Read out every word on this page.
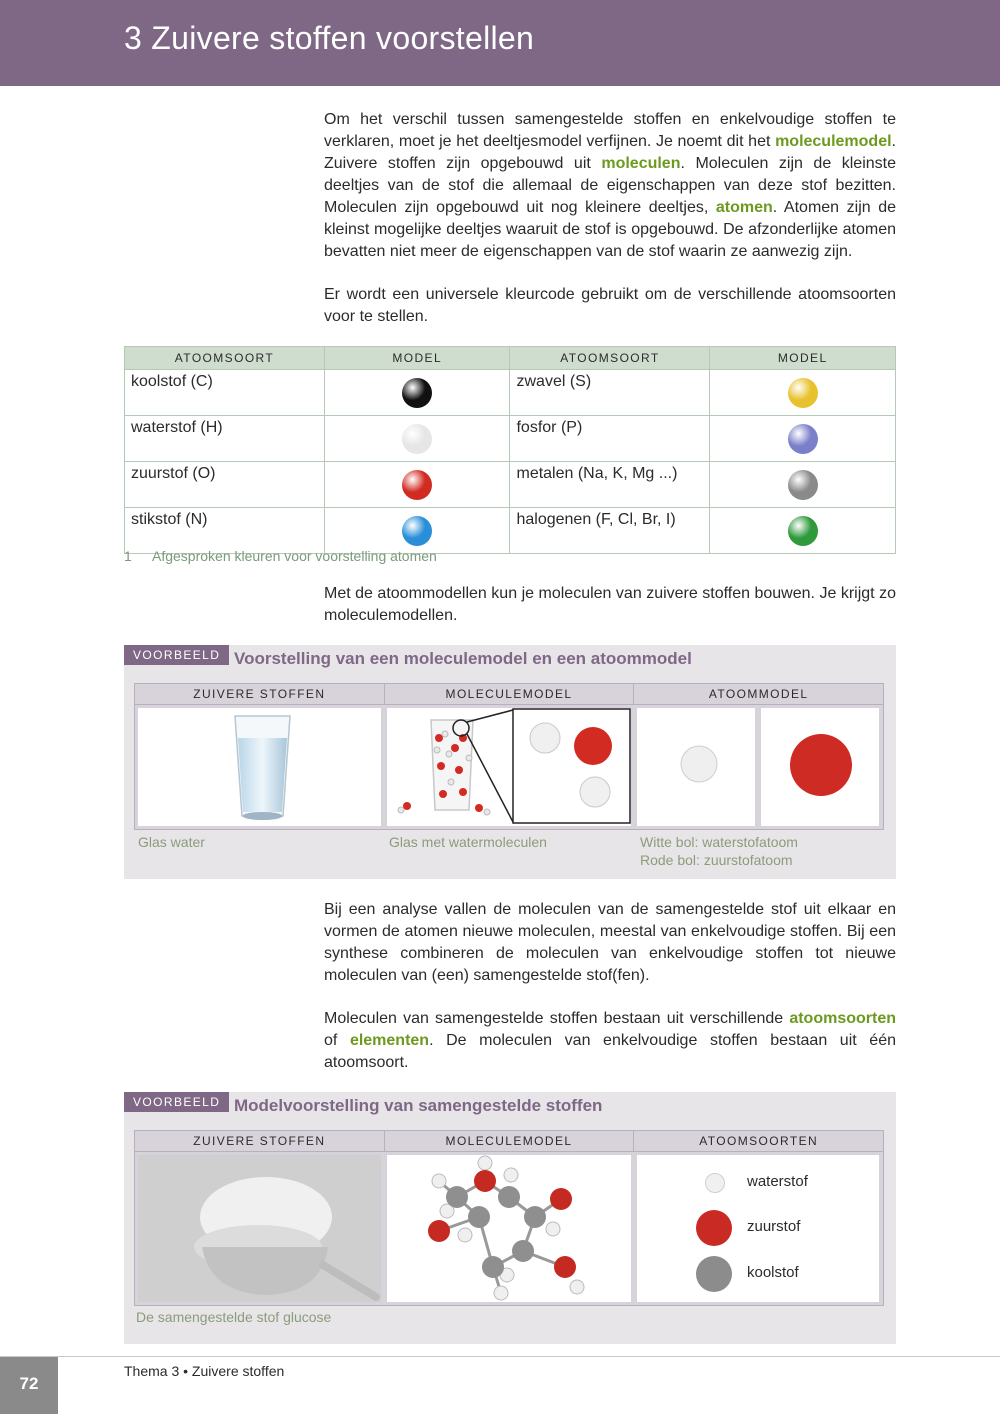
3 Zuivere stoffen voorstellen

Om het verschil tussen samengestelde stoffen en enkelvoudige stoffen te verklaren, moet je het deeltjesmodel verfijnen. Je noemt dit het moleculemodel. Zuivere stoffen zijn opgebouwd uit moleculen. Moleculen zijn de kleinste deeltjes van de stof die allemaal de eigenschappen van deze stof bezitten. Moleculen zijn opgebouwd uit nog kleinere deeltjes, atomen. Atomen zijn de kleinst mogelijke deeltjes waaruit de stof is opgebouwd. De afzonderlijke atomen bevatten niet meer de eigenschappen van de stof waarin ze aanwezig zijn.

Er wordt een universele kleurcode gebruikt om de verschillende atoomsoorten voor te stellen.

ATOOMSOORT	MODEL	ATOOMSOORT	MODEL
koolstof (C)		zwavel (S)	
waterstof (H)		fosfor (P)	
zuurstof (O)		metalen (Na, K, Mg ...)	
stikstof (N)		halogenen (F, Cl, Br, I)	
1 Afgesproken kleuren voor voorstelling atomen

Met de atoommodellen kun je moleculen van zuivere stoffen bouwen. Je krijgt zo moleculemodellen.

VOORBEELD Voorstelling van een moleculemodel en een atoommodel
ZUIVERE STOFFEN	MOLECULEMODEL	ATOOMMODEL
Glas water	Glas met watermoleculen	Witte bol: waterstofatoom
Rode bol: zuurstofatoom

Bij een analyse vallen de moleculen van de samengestelde stof uit elkaar en vormen de atomen nieuwe moleculen, meestal van enkelvoudige stoffen. Bij een synthese combineren de moleculen van enkelvoudige stoffen tot nieuwe moleculen van (een) samengestelde stof(fen).

Moleculen van samengestelde stoffen bestaan uit verschillende atoomsoorten of elementen. De moleculen van enkelvoudige stoffen bestaan uit één atoomsoort.

VOORBEELD Modelvoorstelling van samengestelde stoffen
ZUIVERE STOFFEN	MOLECULEMODEL	ATOOMSOORTEN
waterstof
zuurstof
koolstof
De samengestelde stof glucose
72
Thema 3 • Zuivere stoffen
